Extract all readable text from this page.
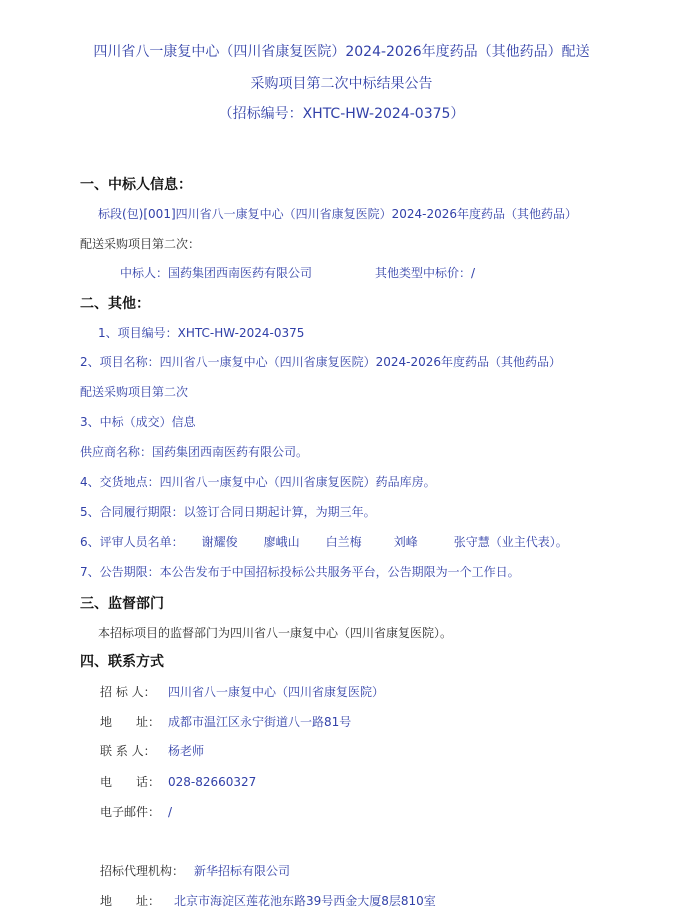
四川省八一康复中心（四川省康复医院）2024-2026年度药品（其他药品）配送
采购项目第二次中标结果公告
（招标编号：XHTC-HW-2024-0375）
一、中标人信息：
标段(包)[001]四川省八一康复中心（四川省康复医院）2024-2026年度药品（其他药品）
配送采购项目第二次：
中标人：国药集团西南医药有限公司	其他类型中标价：/
二、其他：
1、项目编号：XHTC-HW-2024-0375
2、项目名称：四川省八一康复中心（四川省康复医院）2024-2026年度药品（其他药品）
配送采购项目第二次
3、中标（成交）信息
供应商名称：国药集团西南医药有限公司。
4、交货地点：四川省八一康复中心（四川省康复医院）药品库房。
5、合同履行期限：以签订合同日期起计算，为期三年。
6、评审人员名单： 谢耀俊 廖峨山 白兰梅	刘峰	张守慧（业主代表）。
7、公告期限：本公告发布于中国招标投标公共服务平台，公告期限为一个工作日。
三、监督部门
本招标项目的监督部门为四川省八一康复中心（四川省康复医院）。
四、联系方式
招 标 人： 四川省八一康复中心（四川省康复医院）
地　　址： 成都市温江区永宁街道八一路81号
联 系 人： 杨老师
电　　话： 028-82660327
电子邮件： /
招标代理机构： 新华招标有限公司
地　　址： 北京市海淀区莲花池东路39号西金大厦8层810室
